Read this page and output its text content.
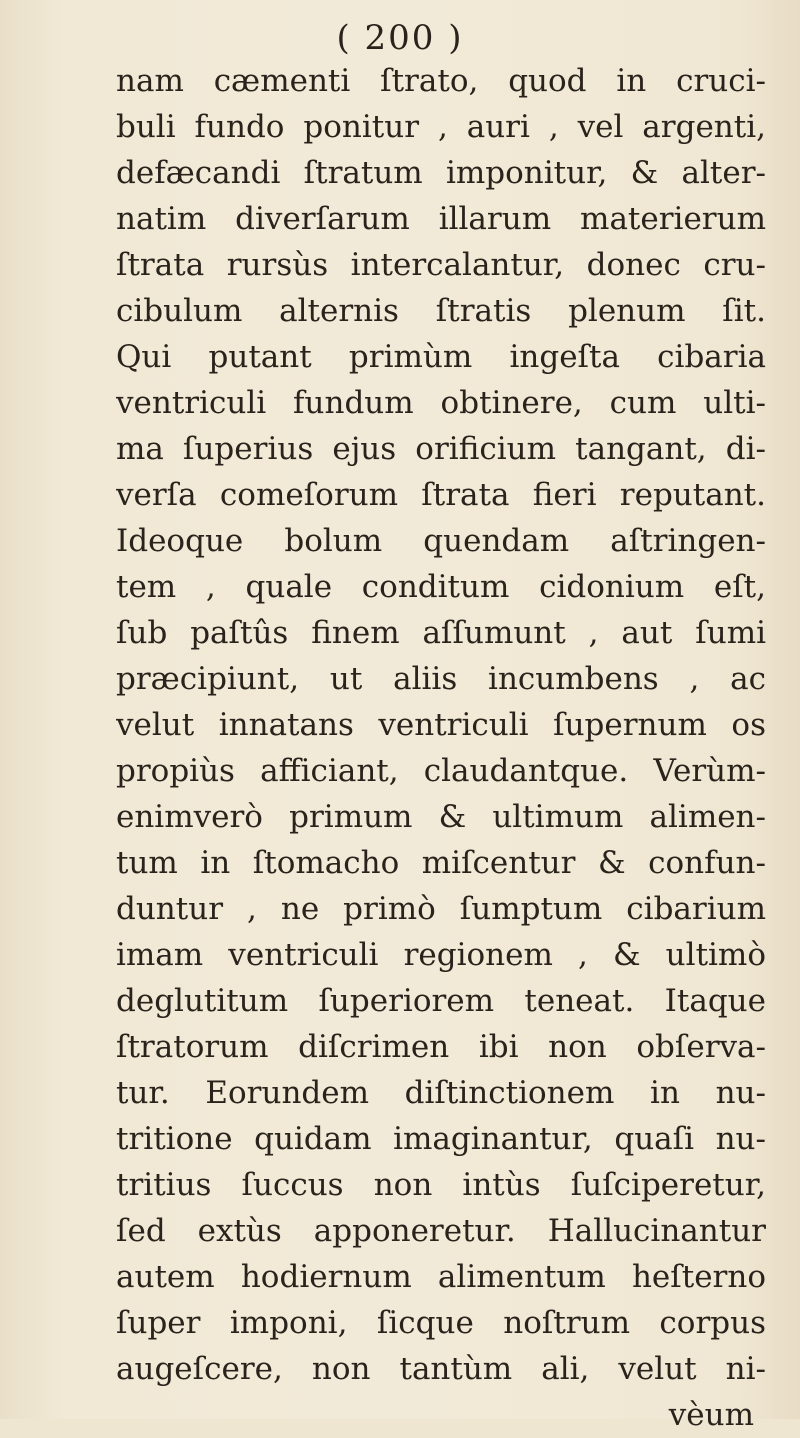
( 200 )
nam cæmenti ſtrato, quod in cruci-
buli fundo ponitur , auri , vel argenti,
defæcandi ſtratum imponitur, & alter-
natim diverſarum illarum materierum
ſtrata rursùs intercalantur, donec cru-
cibulum alternis ſtratis plenum ſit.
Qui putant primùm ingeſta cibaria
ventriculi fundum obtinere, cum ulti-
ma ſuperius ejus orificium tangant, di-
verſa comeſorum ſtrata fieri reputant.
Ideoque bolum quendam aſtringen-
tem , quale conditum cidonium eſt,
ſub paſtûs finem aſſumunt , aut ſumi
præcipiunt, ut aliis incumbens , ac
velut innatans ventriculi ſupernum os
propiùs afficiant, claudantque. Verùm-
enimverò primum & ultimum alimen-
tum in ſtomacho miſcentur & confun-
duntur , ne primò ſumptum cibarium
imam ventriculi regionem , & ultimò
deglutitum ſuperiorem teneat. Itaque
ſtratorum diſcrimen ibi non obſerva-
tur. Eorundem diſtinctionem in nu-
tritione quidam imaginantur, quaſi nu-
tritius ſuccus non intùs ſuſciperetur,
ſed extùs apponeretur. Hallucinantur
autem hodiernum alimentum heſterno
ſuper imponi, ſicque noſtrum corpus
augeſcere, non tantùm ali, velut ni-
vèum
